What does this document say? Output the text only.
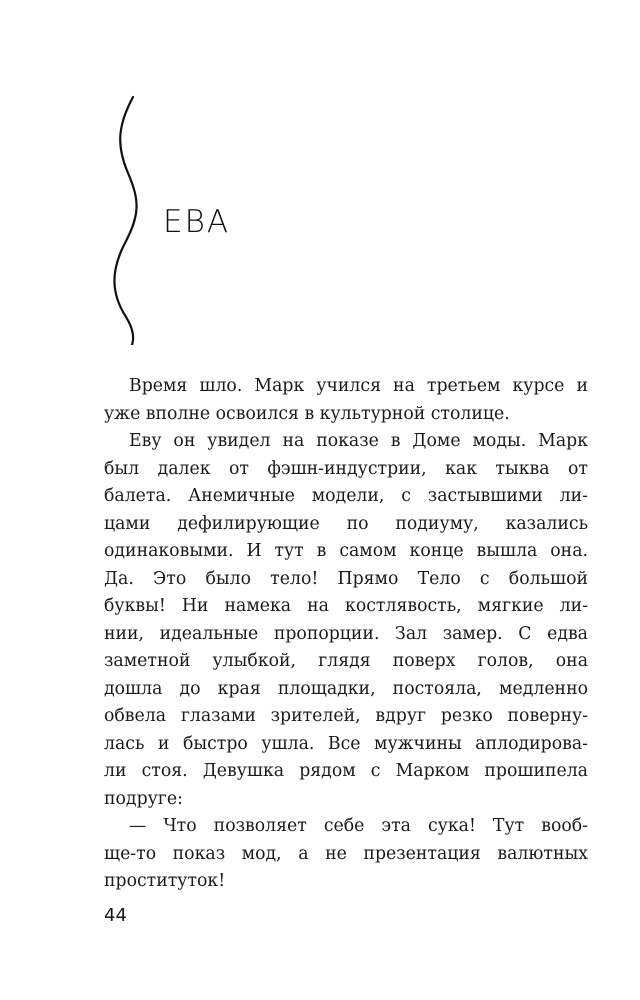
ЕВА
Время шло. Марк учился на третьем курсе и
уже вполне освоился в культурной столице.
Еву он увидел на показе в Доме моды. Марк
был далек от фэшн-индустрии, как тыква от
балета. Анемичные модели, с застывшими ли-
цами дефилирующие по подиуму, казались
одинаковыми. И тут в самом конце вышла она.
Да. Это было тело! Прямо Тело с большой
буквы! Ни намека на костлявость, мягкие ли-
нии, идеальные пропорции. Зал замер. С едва
заметной улыбкой, глядя поверх голов, она
дошла до края площадки, постояла, медленно
обвела глазами зрителей, вдруг резко поверну-
лась и быстро ушла. Все мужчины аплодирова-
ли стоя. Девушка рядом с Марком прошипела
подруге:
— Что позволяет себе эта сука! Тут вооб-
ще-то показ мод, а не презентация валютных
проституток!
44
